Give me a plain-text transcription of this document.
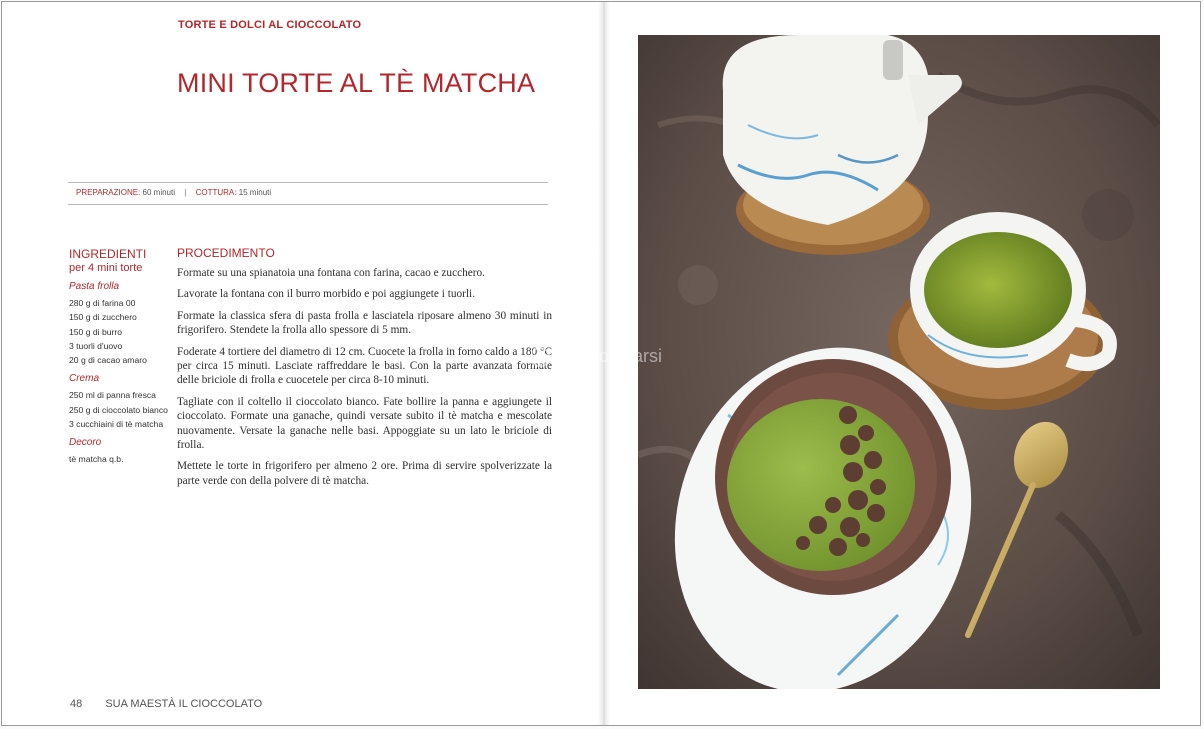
TORTE E DOLCI AL CIOCCOLATO
MINI TORTE AL TÈ MATCHA
PREPARAZIONE: 60 minuti | COTTURA: 15 minuti
INGREDIENTI
per 4 mini torte
Pasta frolla
280 g di farina 00
150 g di zucchero
150 g di burro
3 tuorli d'uovo
20 g di cacao amaro
Crema
250 ml di panna fresca
250 g di cioccolato bianco
3 cucchiaini di tè matcha
Decoro
tè matcha q.b.
PROCEDIMENTO

Formate su una spianatoia una fontana con farina, cacao e zucchero.

Lavorate la fontana con il burro morbido e poi aggiungete i tuorli.

Formate la classica sfera di pasta frolla e lasciatela riposare almeno 30 minuti in frigorifero. Stendete la frolla allo spessore di 5 mm.

Foderate 4 tortiere del diametro di 12 cm. Cuocete la frolla in forno caldo a 180 °C per circa 15 minuti. Lasciate raffreddare le basi. Con la parte avanzata formate delle briciole di frolla e cuocetele per circa 8-10 minuti.

Tagliate con il coltello il cioccolato bianco. Fate bollire la panna e aggiungete il cioccolato. Formate una ganache, quindi versate subito il tè matcha e mescolate nuovamente. Versate la ganache nelle basi. Appoggiate su un lato le briciole di frolla.

Mettete le torte in frigorifero per almeno 2 ore. Prima di servire spolverizzate la parte verde con della polvere di tè matcha.

48 SUA MAESTÀ IL CIOCCOLATO
macrolibrarsi
